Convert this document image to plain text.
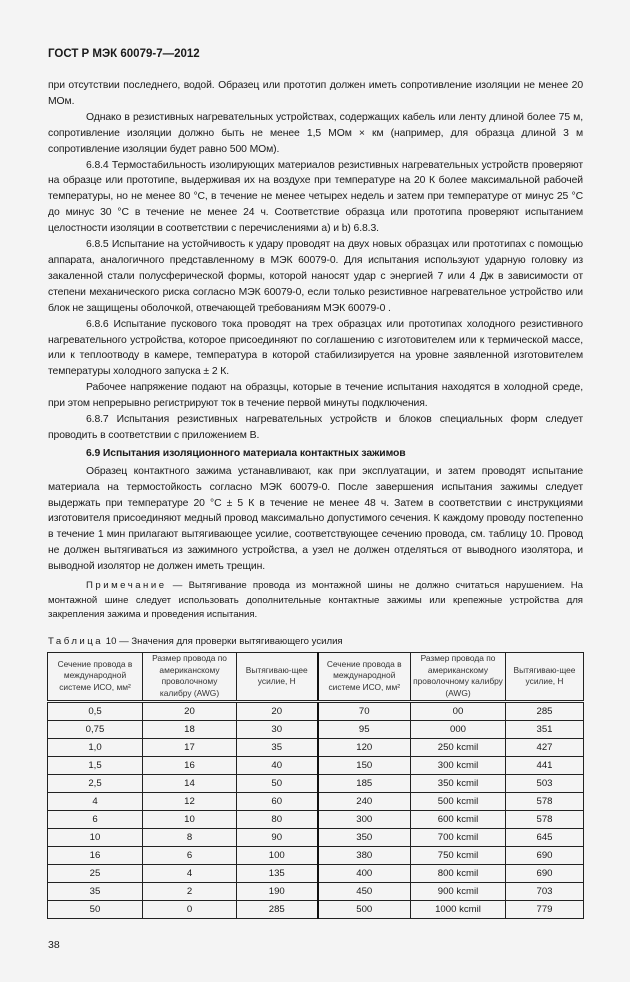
ГОСТ Р МЭК 60079-7—2012

при отсутствии последнего, водой. Образец или прототип должен иметь сопротивление изоляции не менее 20 МОм.

Однако в резистивных нагревательных устройствах, содержащих кабель или ленту длиной более 75 м, сопротивление изоляции должно быть не менее 1,5 МОм × км (например, для образца длиной 3 м сопротивление изоляции будет равно 500 МОм).

6.8.4 Термостабильность изолирующих материалов резистивных нагревательных устройств проверяют на образце или прототипе, выдерживая их на воздухе при температуре на 20 К более максимальной рабочей температуры, но не менее 80 °C, в течение не менее четырех недель и затем при температуре от минус 25 °C до минус 30 °C в течение не менее 24 ч. Соответствие образца или прототипа проверяют испытанием целостности изоляции в соответствии с перечислениями a) и b) 6.8.3.

6.8.5 Испытание на устойчивость к удару проводят на двух новых образцах или прототипах с помощью аппарата, аналогичного представленному в МЭК 60079-0. Для испытания используют ударную головку из закаленной стали полусферической формы, которой наносят удар с энергией 7 или 4 Дж в зависимости от степени механического риска согласно МЭК 60079-0, если только резистивное нагревательное устройство или блок не защищены оболочкой, отвечающей требованиям МЭК 60079-0 .

6.8.6 Испытание пускового тока проводят на трех образцах или прототипах холодного резистивного нагревательного устройства, которое присоединяют по соглашению с изготовителем или к термической массе, или к теплоотводу в камере, температура в которой стабилизируется на уровне заявленной изготовителем температуры холодного запуска ± 2 К.

Рабочее напряжение подают на образцы, которые в течение испытания находятся в холодной среде, при этом непрерывно регистрируют ток в течение первой минуты подключения.

6.8.7 Испытания резистивных нагревательных устройств и блоков специальных форм следует проводить в соответствии с приложением В.

6.9 Испытания изоляционного материала контактных зажимов

Образец контактного зажима устанавливают, как при эксплуатации, и затем проводят испытание материала на термостойкость согласно МЭК 60079-0. После завершения испытания зажимы следует выдержать при температуре 20 °C ± 5 К в течение не менее 48 ч. Затем в соответствии с инструкциями изготовителя присоединяют медный провод максимально допустимого сечения. К каждому проводу постепенно в течение 1 мин прилагают вытягивающее усилие, соответствующее сечению провода, см. таблицу 10. Провод не должен вытягиваться из зажимного устройства, а узел не должен отделяться от выводного изолятора, и выводной изолятор не должен иметь трещин.

Примечание — Вытягивание провода из монтажной шины не должно считаться нарушением. На монтажной шине следует использовать дополнительные контактные зажимы или крепежные устройства для закрепления зажима и проведения испытания.

Таблица 10 — Значения для проверки вытягивающего усилия
Сечение провода в международной системе ИСО, мм²	Размер провода по американскому проволочному калибру (AWG)	Вытягиваю-щее усилие, Н	Сечение провода в международной системе ИСО, мм²	Размер провода по американскому проволочному калибру (AWG)	Вытягиваю-щее усилие, Н
0,5	20	20	70	00	285
0,75	18	30	95	000	351
1,0	17	35	120	250 kcmil	427
1,5	16	40	150	300 kcmil	441
2,5	14	50	185	350 kcmil	503
4	12	60	240	500 kcmil	578
6	10	80	300	600 kcmil	578
10	8	90	350	700 kcmil	645
16	6	100	380	750 kcmil	690
25	4	135	400	800 kcmil	690
35	2	190	450	900 kcmil	703
50	0	285	500	1000 kcmil	779
38
